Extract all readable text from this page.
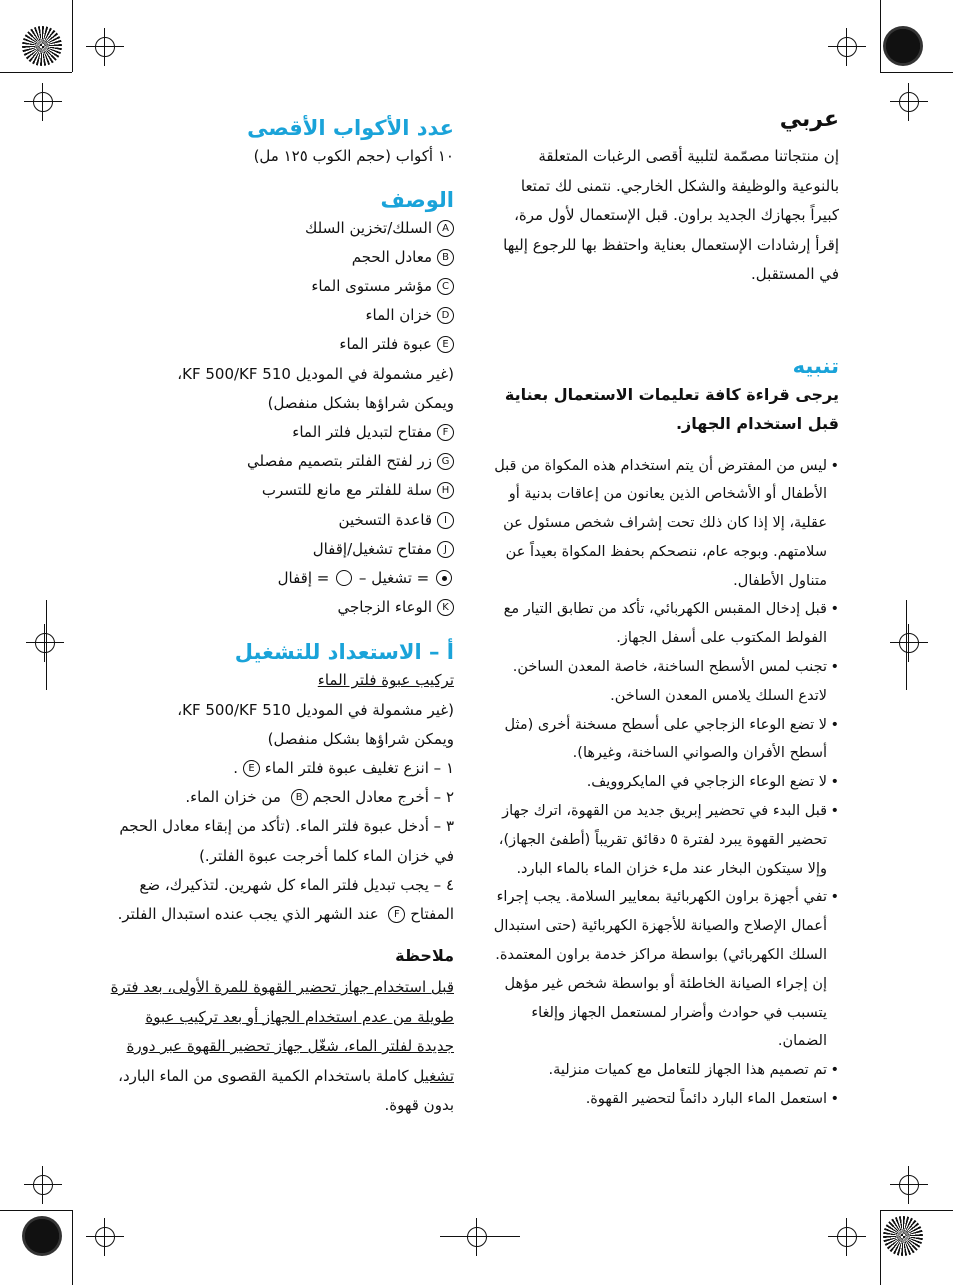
عربي

إن منتجاتنا مصمّمة لتلبية أقصى الرغبات المتعلقة بالنوعية والوظيفة والشكل الخارجي. نتمنى لك تمتعا كبيراً بجهازك الجديد براون. قبل الإستعمال لأول مرة، إقرأ إرشادات الإستعمال بعناية واحتفظ بها للرجوع إليها في المستقبل.

تنبيه

يرجى قراءة كافة تعليمات الاستعمال بعناية قبل استخدام الجهاز.

• ليس من المفترض أن يتم استخدام هذه المكواة من قبل الأطفال أو الأشخاص الذين يعانون من إعاقات بدنية أو عقلية، إلا إذا كان ذلك تحت إشراف شخص مسئول عن سلامتهم. وبوجه عام، ننصحكم بحفظ المكواة بعيداً عن متناول الأطفال.
• قبل إدخال المقبس الكهربائي، تأكد من تطابق التيار مع الفولط المكتوب على أسفل الجهاز.
• تجنب لمس الأسطح الساخنة، خاصة المعدن الساخن. لاتدع السلك يلامس المعدن الساخن.
• لا تضع الوعاء الزجاجي على أسطح مسخنة أخرى (مثل أسطح الأفران والصواني الساخنة، وغيرها).
• لا تضع الوعاء الزجاجي في المايكروويف.
• قبل البدء في تحضير إبريق جديد من القهوة، اترك جهاز تحضير القهوة يبرد لفترة ٥ دقائق تقريباً (أطفئ الجهاز)، وإلا سيتكون البخار عند ملء خزان الماء بالماء البارد.
• تفي أجهزة براون الكهربائية بمعايير السلامة. يجب إجراء أعمال الإصلاح والصيانة للأجهزة الكهربائية (حتى استبدال السلك الكهربائي) بواسطة مراكز خدمة براون المعتمدة.

إن إجراء الصيانة الخاطئة أو بواسطة شخص غير مؤهل يتسبب في حوادث وأضرار لمستعمل الجهاز وإلغاء الضمان.

• تم تصميم هذا الجهاز للتعامل مع كميات منزلية.
• استعمل الماء البارد دائماً لتحضير القهوة.
عدد الأكواب الأقصى

١٠ أكواب (حجم الكوب ١٢٥ مل)

الوصف
Aالسلك/تخزين السلك
Bمعادل الحجم
Cمؤشر مستوى الماء
Dخزان الماء
Eعبوة فلتر الماء
(غير مشمولة في الموديل KF 500/KF 510،
ويمكن شراؤها بشكل منفصل)
Fمفتاح لتبديل فلتر الماء
Gزر لفتح الفلتر بتصميم مفصلي
Hسلة للفلتر مع مانع للتسرب
Iقاعدة التسخين
Jمفتاح تشغيل/إقفال
= تشغيل –  = إقفال
Kالوعاء الزجاجي
أ – الاستعداد للتشغيل
تركيب عبوة فلتر الماء
(غير مشمولة في الموديل KF 500/KF 510،
ويمكن شراؤها بشكل منفصل)
١ – انزع تغليف عبوة فلتر الماء E.
٢ – أخرج معادل الحجم B من خزان الماء.
٣ – أدخل عبوة فلتر الماء. (تأكد من إبقاء معادل الحجم في خزان الماء كلما أخرجت عبوة الفلتر.)
٤ – يجب تبديل فلتر الماء كل شهرين. لتذكيرك، ضع المفتاح F عند الشهر الذي يجب عنده استبدال الفلتر.
ملاحظة

قبل استخدام جهاز تحضير القهوة للمرة الأولى، بعد فترة طويلة من عدم استخدام الجهاز أو بعد تركيب عبوة جديدة لفلتر الماء، شغّل جهاز تحضير القهوة عبر دورة تشغيل كاملة باستخدام الكمية القصوى من الماء البارد، بدون قهوة.
